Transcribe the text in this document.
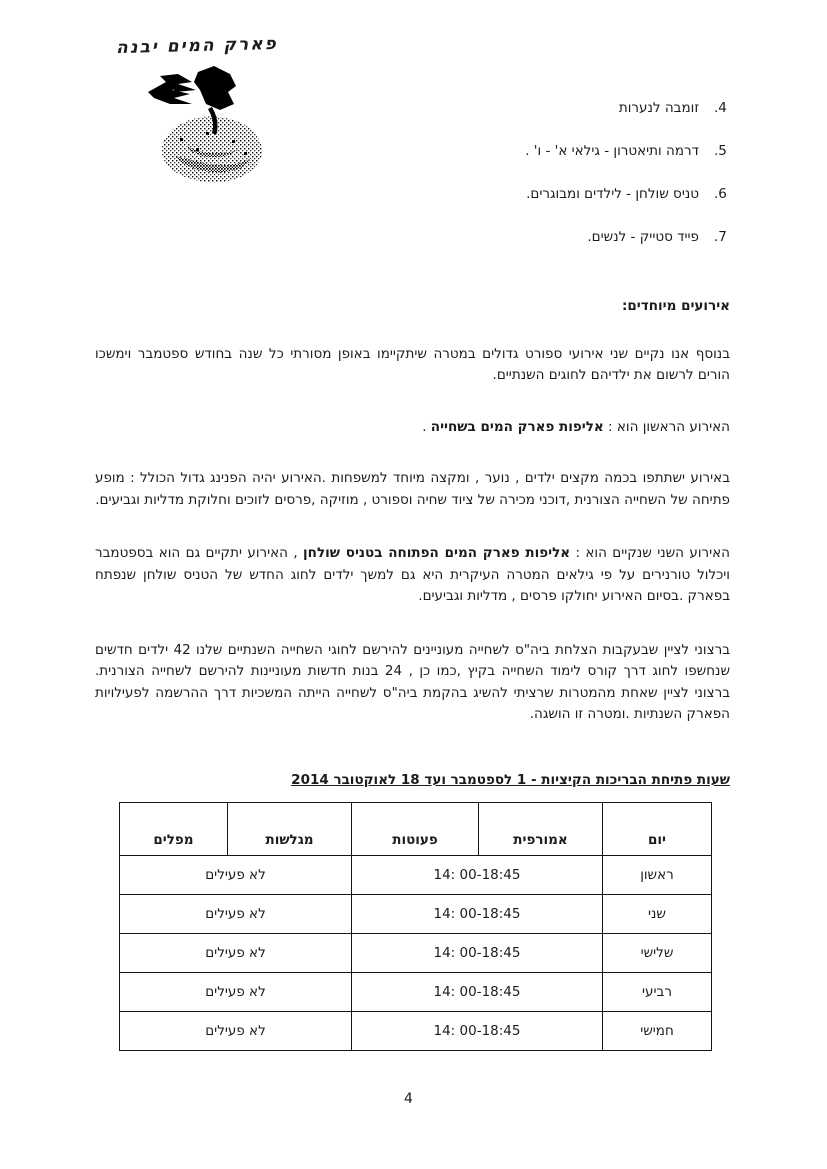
פארק המים יבנה
4.
זומבה לנערות
5.
דרמה ותיאטרון - גילאי א' - ו' .
6.
טניס שולחן - לילדים ומבוגרים.
7.
פייד סטייק - לנשים.
אירועים מיוחדים:

בנוסף אנו נקיים שני אירועי ספורט גדולים במטרה שיתקיימו באופן מסורתי כל שנה בחודש ספטמבר וימשכו הורים לרשום את ילדיהם לחוגים השנתיים.

האירוע הראשון הוא : אליפות פארק המים בשחייה .

באירוע ישתתפו בכמה מקצים ילדים , נוער , ומקצה מיוחד למשפחות .האירוע יהיה הפנינג גדול הכולל : מופע פתיחה של השחייה הצורנית ,דוכני מכירה של ציוד שחיה וספורט , מוזיקה ,פרסים לזוכים וחלוקת מדליות וגביעים.

האירוע השני שנקיים הוא : אליפות פארק המים הפתוחה בטניס שולחן , האירוע יתקיים גם הוא בספטמבר ויכלול טורנירים על פי גילאים המטרה העיקרית היא גם למשך ילדים לחוג החדש של הטניס שולחן שנפתח בפארק .בסיום האירוע יחולקו פרסים , מדליות וגביעים.

ברצוני לציין שבעקבות הצלחת ביה"ס לשחייה מעוניינים להירשם לחוגי השחייה השנתיים שלנו 42 ילדים חדשים שנחשפו לחוג דרך קורס לימוד השחייה בקיץ ,כמו כן , 24 בנות חדשות מעוניינות להירשם לשחייה הצורנית. ברצוני לציין שאחת מהמטרות שרציתי להשיג בהקמת ביה"ס לשחייה הייתה המשכיות דרך ההרשמה לפעילויות הפארק השנתיות .ומטרה זו הושגה.

שעות פתיחת הבריכות הקיציות - 1 לספטמבר ועד 18 לאוקטובר 2014
יום	אמורפית	פעוטות	מגלשות	מפלים
ראשון	14: 00-18:45		לא פעילים	
שני	14: 00-18:45		לא פעילים	
שלישי	14: 00-18:45		לא פעילים	
רביעי	14: 00-18:45		לא פעילים	
חמישי	14: 00-18:45		לא פעילים	
4
